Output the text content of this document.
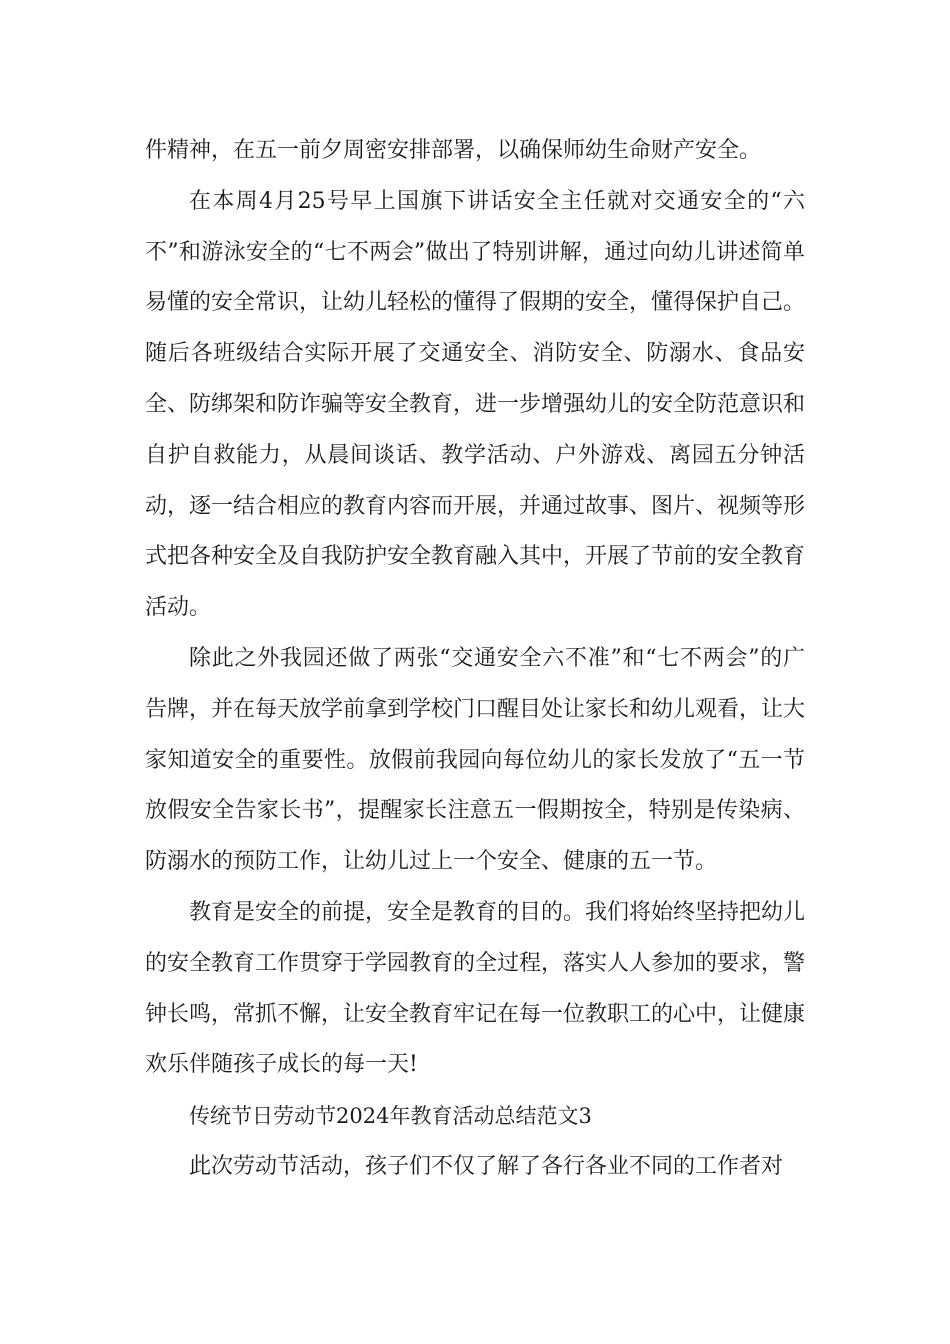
件精神，在五一前夕周密安排部署，以确保师幼生命财产安全。

在本周4月25号早上国旗下讲话安全主任就对交通安全的“六不”和游泳安全的“七不两会”做出了特别讲解，通过向幼儿讲述简单易懂的安全常识，让幼儿轻松的懂得了假期的安全，懂得保护自己。随后各班级结合实际开展了交通安全、消防安全、防溺水、食品安全、防绑架和防诈骗等安全教育，进一步增强幼儿的安全防范意识和自护自救能力，从晨间谈话、教学活动、户外游戏、离园五分钟活动，逐一结合相应的教育内容而开展，并通过故事、图片、视频等形式把各种安全及自我防护安全教育融入其中，开展了节前的安全教育活动。

除此之外我园还做了两张“交通安全六不准”和“七不两会”的广告牌，并在每天放学前拿到学校门口醒目处让家长和幼儿观看，让大家知道安全的重要性。放假前我园向每位幼儿的家长发放了“五一节放假安全告家长书”，提醒家长注意五一假期按全，特别是传染病、防溺水的预防工作，让幼儿过上一个安全、健康的五一节。

教育是安全的前提，安全是教育的目的。我们将始终坚持把幼儿的安全教育工作贯穿于学园教育的全过程，落实人人参加的要求，警钟长鸣，常抓不懈，让安全教育牢记在每一位教职工的心中，让健康欢乐伴随孩子成长的每一天!

传统节日劳动节2024年教育活动总结范文3

此次劳动节活动，孩子们不仅了解了各行各业不同的工作者对
